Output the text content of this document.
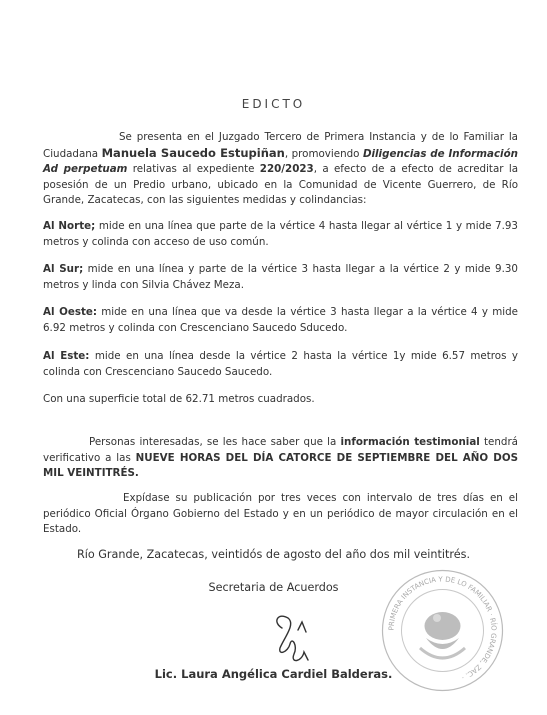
EDICTO
Se presenta en el Juzgado Tercero de Primera Instancia y de lo Familiar la Ciudadana Manuela Saucedo Estupiñan, promoviendo Diligencias de Información Ad perpetuam relativas al expediente 220/2023, a efecto de a efecto de acreditar la posesión de un Predio urbano, ubicado en la Comunidad de Vicente Guerrero, de Río Grande, Zacatecas, con las siguientes medidas y colindancias:
Al Norte; mide en una línea que parte de la vértice 4 hasta llegar al vértice 1 y mide 7.93 metros y colinda con acceso de uso común.
Al Sur; mide en una línea y parte de la vértice 3 hasta llegar a la vértice 2 y mide 9.30 metros y linda con Silvia Chávez Meza.
Al Oeste: mide en una línea que va desde la vértice 3 hasta llegar a la vértice 4 y mide 6.92 metros y colinda con Crescenciano Saucedo Sducedo.
Al Este: mide en una línea desde la vértice 2 hasta la vértice 1y mide 6.57 metros y colinda con Crescenciano Saucedo Saucedo.
Con una superficie total de 62.71 metros cuadrados.
Personas interesadas, se les hace saber que la información testimonial tendrá verificativo a las NUEVE HORAS DEL DÍA CATORCE DE SEPTIEMBRE DEL AÑO DOS MIL VEINTITRÉS.
Expídase su publicación por tres veces con intervalo de tres días en el periódico Oficial Órgano Gobierno del Estado y en un periódico de mayor circulación en el Estado.
Río Grande, Zacatecas, veintidós de agosto del año dos mil veintitrés.
Secretaria de Acuerdos
PRIMERA INSTANCIA Y DE LO FAMILIAR · RÍO GRANDE, ZAC. ·
Lic. Laura Angélica Cardiel Balderas.
